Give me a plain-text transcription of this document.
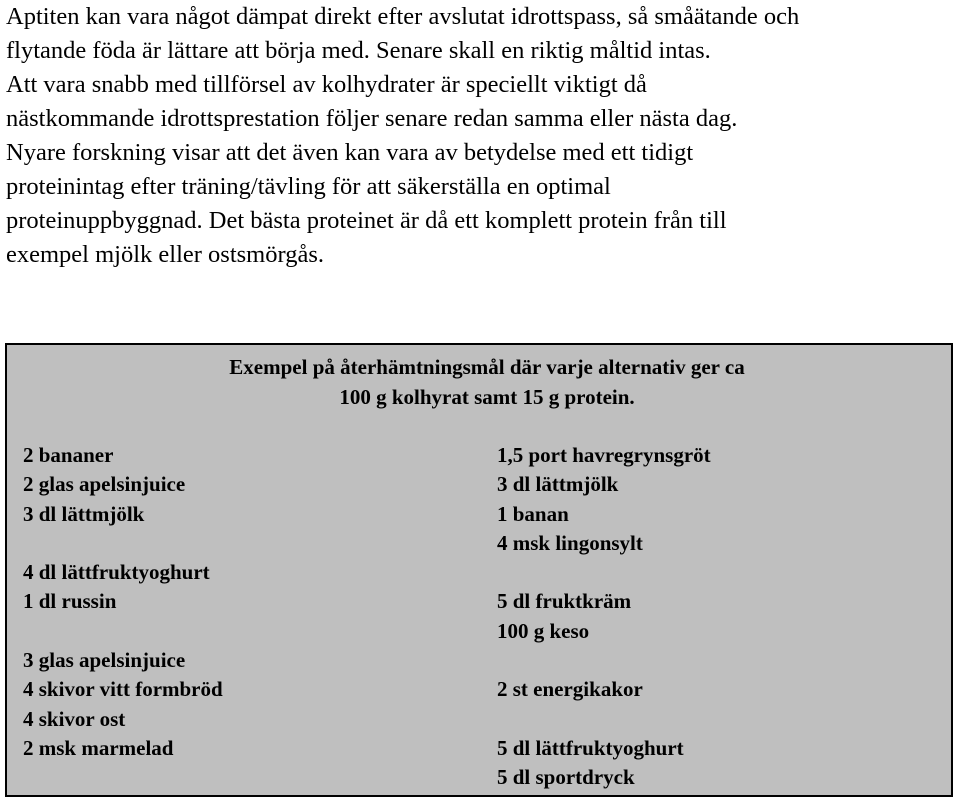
Aptiten kan vara något dämpat direkt efter avslutat idrottspass, så småätande och
flytande föda är lättare att börja med. Senare skall en riktig måltid intas.
Att vara snabb med tillförsel av kolhydrater är speciellt viktigt då
nästkommande idrottsprestation följer senare redan samma eller nästa dag.
Nyare forskning visar att det även kan vara av betydelse med ett tidigt
proteinintag efter träning/tävling för att säkerställa en optimal
proteinuppbyggnad. Det bästa proteinet är då ett komplett protein från till
exempel mjölk eller ostsmörgås.
Exempel på återhämtningsmål där varje alternativ ger ca
100 g kolhyrat samt 15 g protein.
2 bananer
2 glas apelsinjuice
3 dl lättmjölk
4 dl lättfruktyoghurt
1 dl russin
3 glas apelsinjuice
4 skivor vitt formbröd
4 skivor ost
2 msk marmelad
1,5 port havregrynsgröt
3 dl lättmjölk
1 banan
4 msk lingonsylt
5 dl fruktkräm
100 g keso
2 st energikakor
5 dl lättfruktyoghurt
5 dl sportdryck
